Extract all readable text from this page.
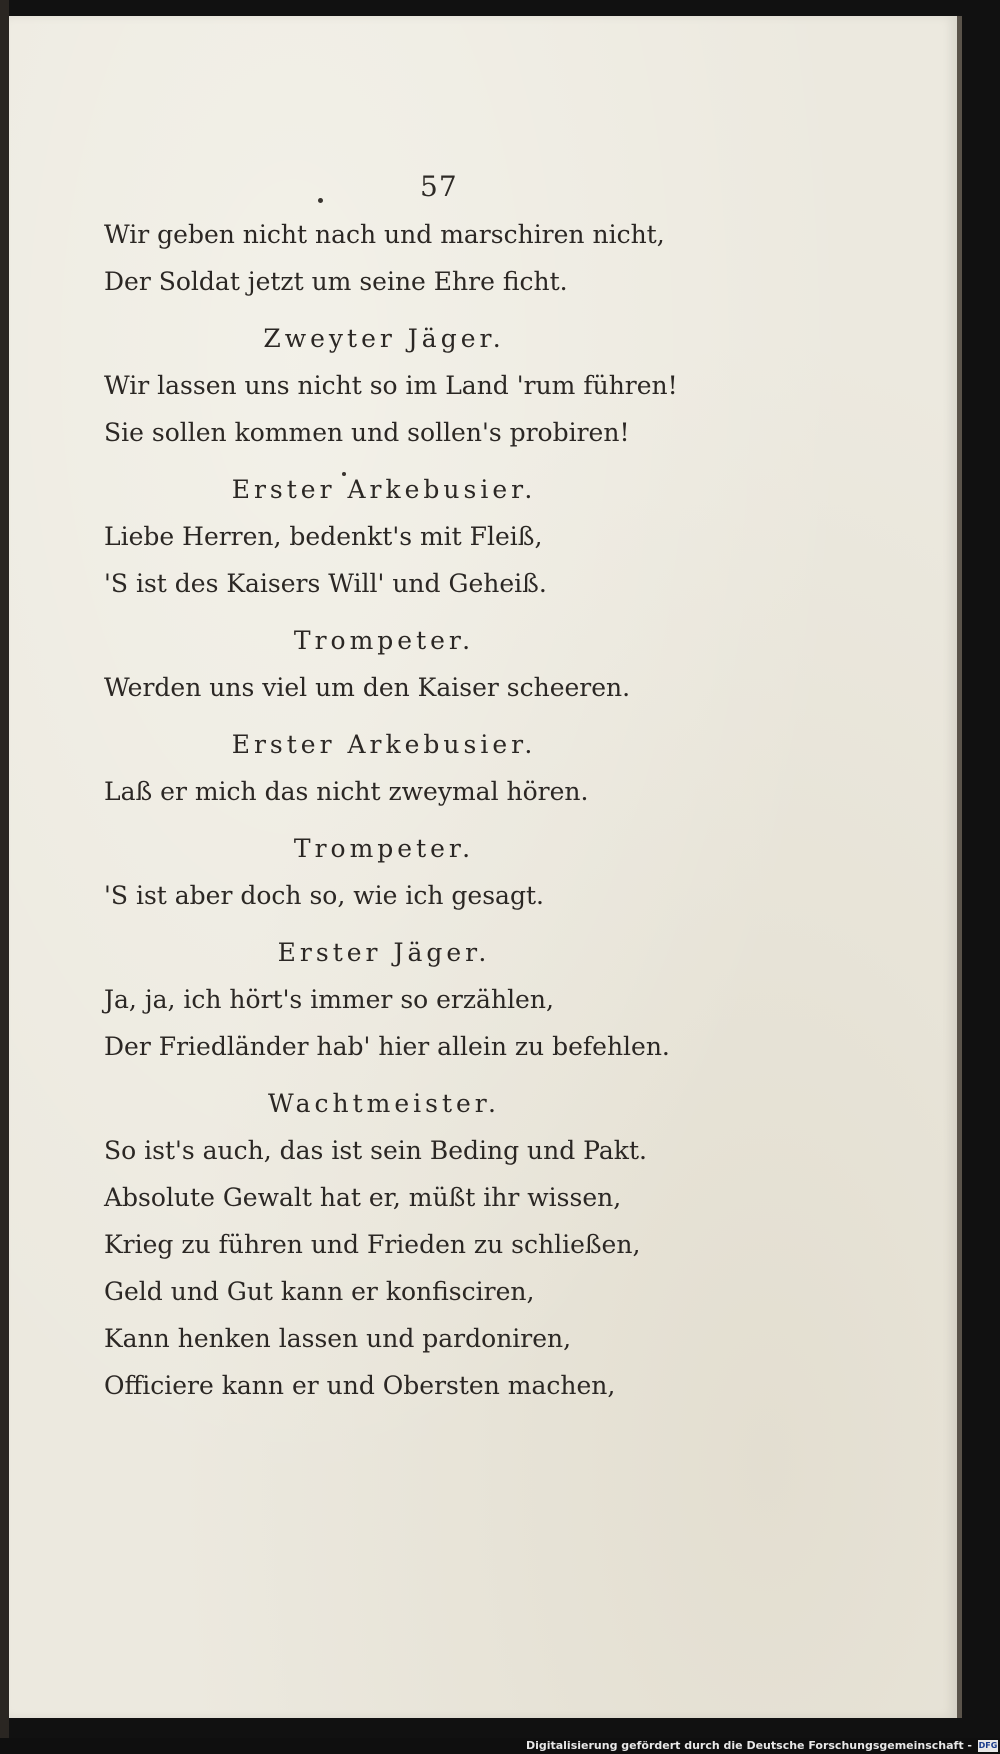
57
Wir geben nicht nach und marschiren nicht,
Der Soldat jetzt um seine Ehre ficht.
Zweyter Jäger.
Wir lassen uns nicht so im Land 'rum führen!
Sie sollen kommen und sollen's probiren!
Erster Arkebusier.
Liebe Herren, bedenkt's mit Fleiß,
'S ist des Kaisers Will' und Geheiß.
Trompeter.
Werden uns viel um den Kaiser scheeren.
Erster Arkebusier.
Laß er mich das nicht zweymal hören.
Trompeter.
'S ist aber doch so, wie ich gesagt.
Erster Jäger.
Ja, ja, ich hört's immer so erzählen,
Der Friedländer hab' hier allein zu befehlen.
Wachtmeister.
So ist's auch, das ist sein Beding und Pakt.
Absolute Gewalt hat er, müßt ihr wissen,
Krieg zu führen und Frieden zu schließen,
Geld und Gut kann er konfisciren,
Kann henken lassen und pardoniren,
Officiere kann er und Obersten machen,
Digitalisierung gefördert durch die Deutsche Forschungsgemeinschaft - DFG
